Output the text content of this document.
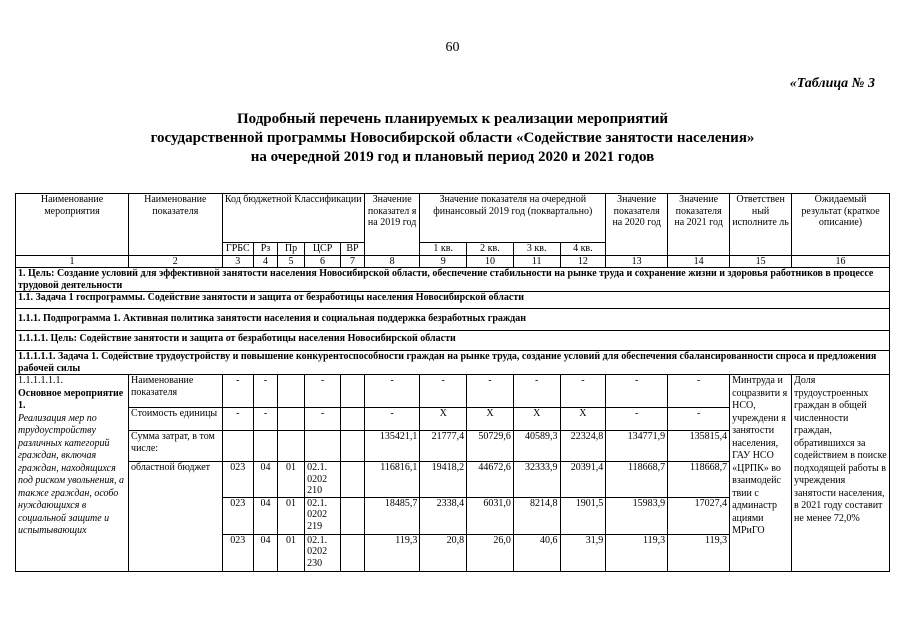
60
«Таблица № 3
Подробный перечень планируемых к реализации мероприятий
государственной программы Новосибирской области «Содействие занятости населения»
на очередной 2019 год и плановый период 2020 и 2021 годов
Наименование мероприятия	Наименование показателя	Код бюджетной Классификации					Значение показател я на 2019 год	Значение показателя на очередной финансовый 2019 год (поквартально)				Значение показателя на 2020 год	Значение показателя на 2021 год	Ответствен ный исполните ль	Ожидаемый результат (краткое описание)
		ГРБС	Рз	Пр	ЦСР	ВР		1 кв.	2 кв.	3 кв.	4 кв.				
1	2	3	4	5	6	7	8	9	10	11	12	13	14	15	16
1. Цель: Создание условий для эффективной занятости населения Новосибирской области, обеспечение стабильности на рынке труда и сохранение жизни и здоровья работников в процессе трудовой деятельности															
1.1. Задача 1 госпрограммы. Содействие занятости и защита от безработицы населения Новосибирской области															
1.1.1. Подпрограмма 1. Активная политика занятости населения и социальная поддержка безработных граждан															
1.1.1.1. Цель: Содействие занятости и защита от безработицы населения Новосибирской области															
1.1.1.1.1. Задача 1. Содействие трудоустройству и повышение конкурентоспособности граждан на рынке труда, создание условий для обеспечения сбалансированности спроса и предложения рабочей силы															

1.1.1.1.1.1.
Основное мероприятие 1.
Реализация мер по трудоустройству различных категорий граждан, включая граждан, находящихся под риском увольнения, а также граждан, особо нуждающихся в социальной защите и испытывающих	Наименование показателя	-	-		-		-	-	-	-	-	-	-	Минтруда и соцразвити я НСО, учреждени я занятости населения, ГАУ НСО «ЦРПК» во взаимодейс твии с админастр ациями МРиГО	Доля трудоустроенных граждан в общей численности граждан, обратившихся за содействием в поиске подходящей работы в учреждения занятости населения, в 2021 году составит не менее 72,0%
	Стоимость единицы	-	-		-		-	Х	Х	Х	Х	-	-		
	Сумма затрат, в том числе:						135421,1	21777,4	50729,6	40589,3	22324,8	134771,9	135815,4		
	областной бюджет	023	04	01	02.1. 0202 210		116816,1	19418,2	44672,6	32333,9	20391,4	118668,7	118668,7		
		023	04	01	02.1. 0202 219		18485,7	2338,4	6031,0	8214,8	1901,5	15983,9	17027,4		
		023	04	01	02.1. 0202 230		119,3	20,8	26,0	40,6	31,9	119,3	119,3		
